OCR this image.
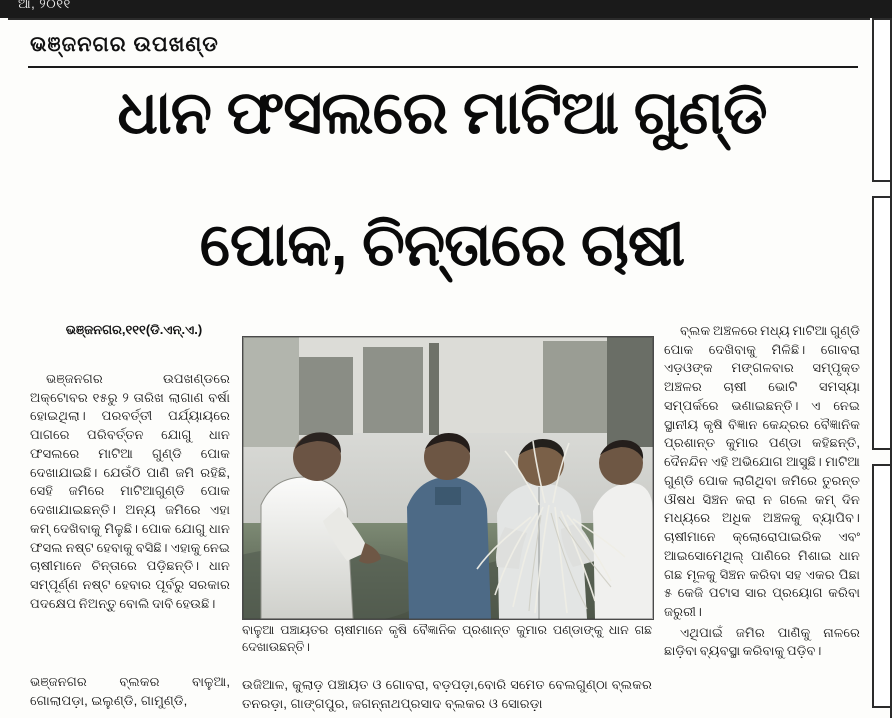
ଆ, ୨୦୧୧
ଭଞ୍ଜନଗର ଉପଖଣ୍ଡ
ଧାନ ଫସଲରେ ମାଟିଆ ଗୁଣ୍ଡି
ପୋକ, ଚିନ୍ତାରେ ଚାଷୀ
ଭଞ୍ଜନଗର,୧୧୧(ଡି.ଏନ୍.ଏ.)

ଭଞ୍ଜନଗର ଉପଖଣ୍ଡରେ ଅକ୍ଟୋବର ୧୫ରୁ ୨ ତାରିଖ ଲାଗାଣ ବର୍ଷା ହୋଇଥିଲା। ପରବର୍ତ୍ତୀ ପର୍ଯ୍ୟାୟରେ ପାଗରେ ପରିବର୍ତ୍ତନ ଯୋଗୁ ଧାନ ଫସଲରେ ମାଟିଆ ଗୁଣ୍ଡି ପୋକ ଦେଖାଯାଇଛି। ଯେଉଁଠି ପାଣି ଜମି ରହିଛି, ସେହି ଜମିରେ ମାଟିଆଗୁଣ୍ଡି ପୋକ ଦେଖାଯାଇଛନ୍ତି। ଅନ୍ୟ ଜମିରେ ଏହା କମ୍ ଦେଖିବାକୁ ମିଳୁଛି। ପୋକ ଯୋଗୁ ଧାନ ଫସଲ ନଷ୍ଟ ହେବାକୁ ବସିଛି। ଏହାକୁ ନେଇ ଚାଷୀମାନେ ଚିନ୍ତାରେ ପଡ଼ିଛନ୍ତି। ଧାନ ସମ୍ପୂର୍ଣ୍ଣ ନଷ୍ଟ ହେବାର ପୂର୍ବରୁ ସରକାର ପଦକ୍ଷେପ ନିଅନ୍ତୁ ବୋଲି ଦାବି ହେଉଛି।

ବାଳୁଆ ପଞ୍ଚାୟତର ଚାଷୀମାନେ କୃଷି ବୈଜ୍ଞାନିକ ପ୍ରଶାନ୍ତ କୁମାର ପଣ୍ଡାଙ୍କୁ ଧାନ ଗଛ ଦେଖାଉଛନ୍ତି।

ବ୍ଲକ ଅଞ୍ଚଳରେ ମଧ୍ୟ ମାଟିଆ ଗୁଣ୍ଡି ପୋକ ଦେଖିବାକୁ ମିଳିଛି। ଗୋବରା ଏଡ଼ଓଙ୍କ ମଙ୍ଗଳବାର ସମ୍ପୃକ୍ତ ଅଞ୍ଚଳର ଚାଷୀ ଭୋଟି ସମସ୍ୟା ସମ୍ପର୍କରେ ଭଣାଇଛନ୍ତି। ଏ ନେଇ ସ୍ଥାନୀୟ କୃଷି ବିଜ୍ଞାନ କେନ୍ଦ୍ରର ବୈଜ୍ଞାନିକ ପ୍ରଶାନ୍ତ କୁମାର ପଣ୍ଡା କହିଛନ୍ତି, ଦୈନନ୍ଦିନ ଏହି ଅଭିଯୋଗ ଆସୁଛି। ମାଟିଆ ଗୁଣ୍ଡି ପୋକ ଲାଗିଥିବା ଜମିରେ ତୁରନ୍ତ ଔଷଧ ସିଞ୍ଚନ କରା ନ ଗଲେ କମ୍ ଦିନ ମଧ୍ୟରେ ଅଧିକ ଅଞ୍ଚଳକୁ ବ୍ୟାପିବ। ଚାଷୀମାନେ କ୍ଲୋରୋପାଇରିକ ଏବଂ ଆଇସୋମେଥିଲ୍ ପାଣିରେ ମିଶାଇ ଧାନ ଗଛ ମୂଳକୁ ସିଞ୍ଚନ କରିବା ସହ ଏକର ପିଛା ୫ କେଜି ପଟାସ ସାର ପ୍ରୟୋଗ କରିବା ଜରୁରୀ।

ଏଥିପାଇଁ ଜମିର ପାଣିକୁ ନାଳରେ ଛାଡ଼ିବା ବ୍ୟବସ୍ଥା କରିବାକୁ ପଡ଼ିବ।

ଭଞ୍ଜନଗର ବ୍ଲକର ବାଳୁଆ, ଗୋଲାପଡ଼ା, ଇଲୁଣ୍ଡି, ଗାମୁଣ୍ଡି,

ଉଜିଆଳ, କୁଲାଡ଼ ପଞ୍ଚାୟତ ଓ ଗୋବରା, ବଡ଼ପଡ଼ା,ବୋରି ସମେତ ବେଲଗୁଣ୍ଠା ବ୍ଲକର ତନରଡ଼ା, ଗାଙ୍ଗପୁର, ଜଗନ୍ନାଥପ୍ରସାଦ ବ୍ଲକର ଓ ସୋରଡ଼ା
